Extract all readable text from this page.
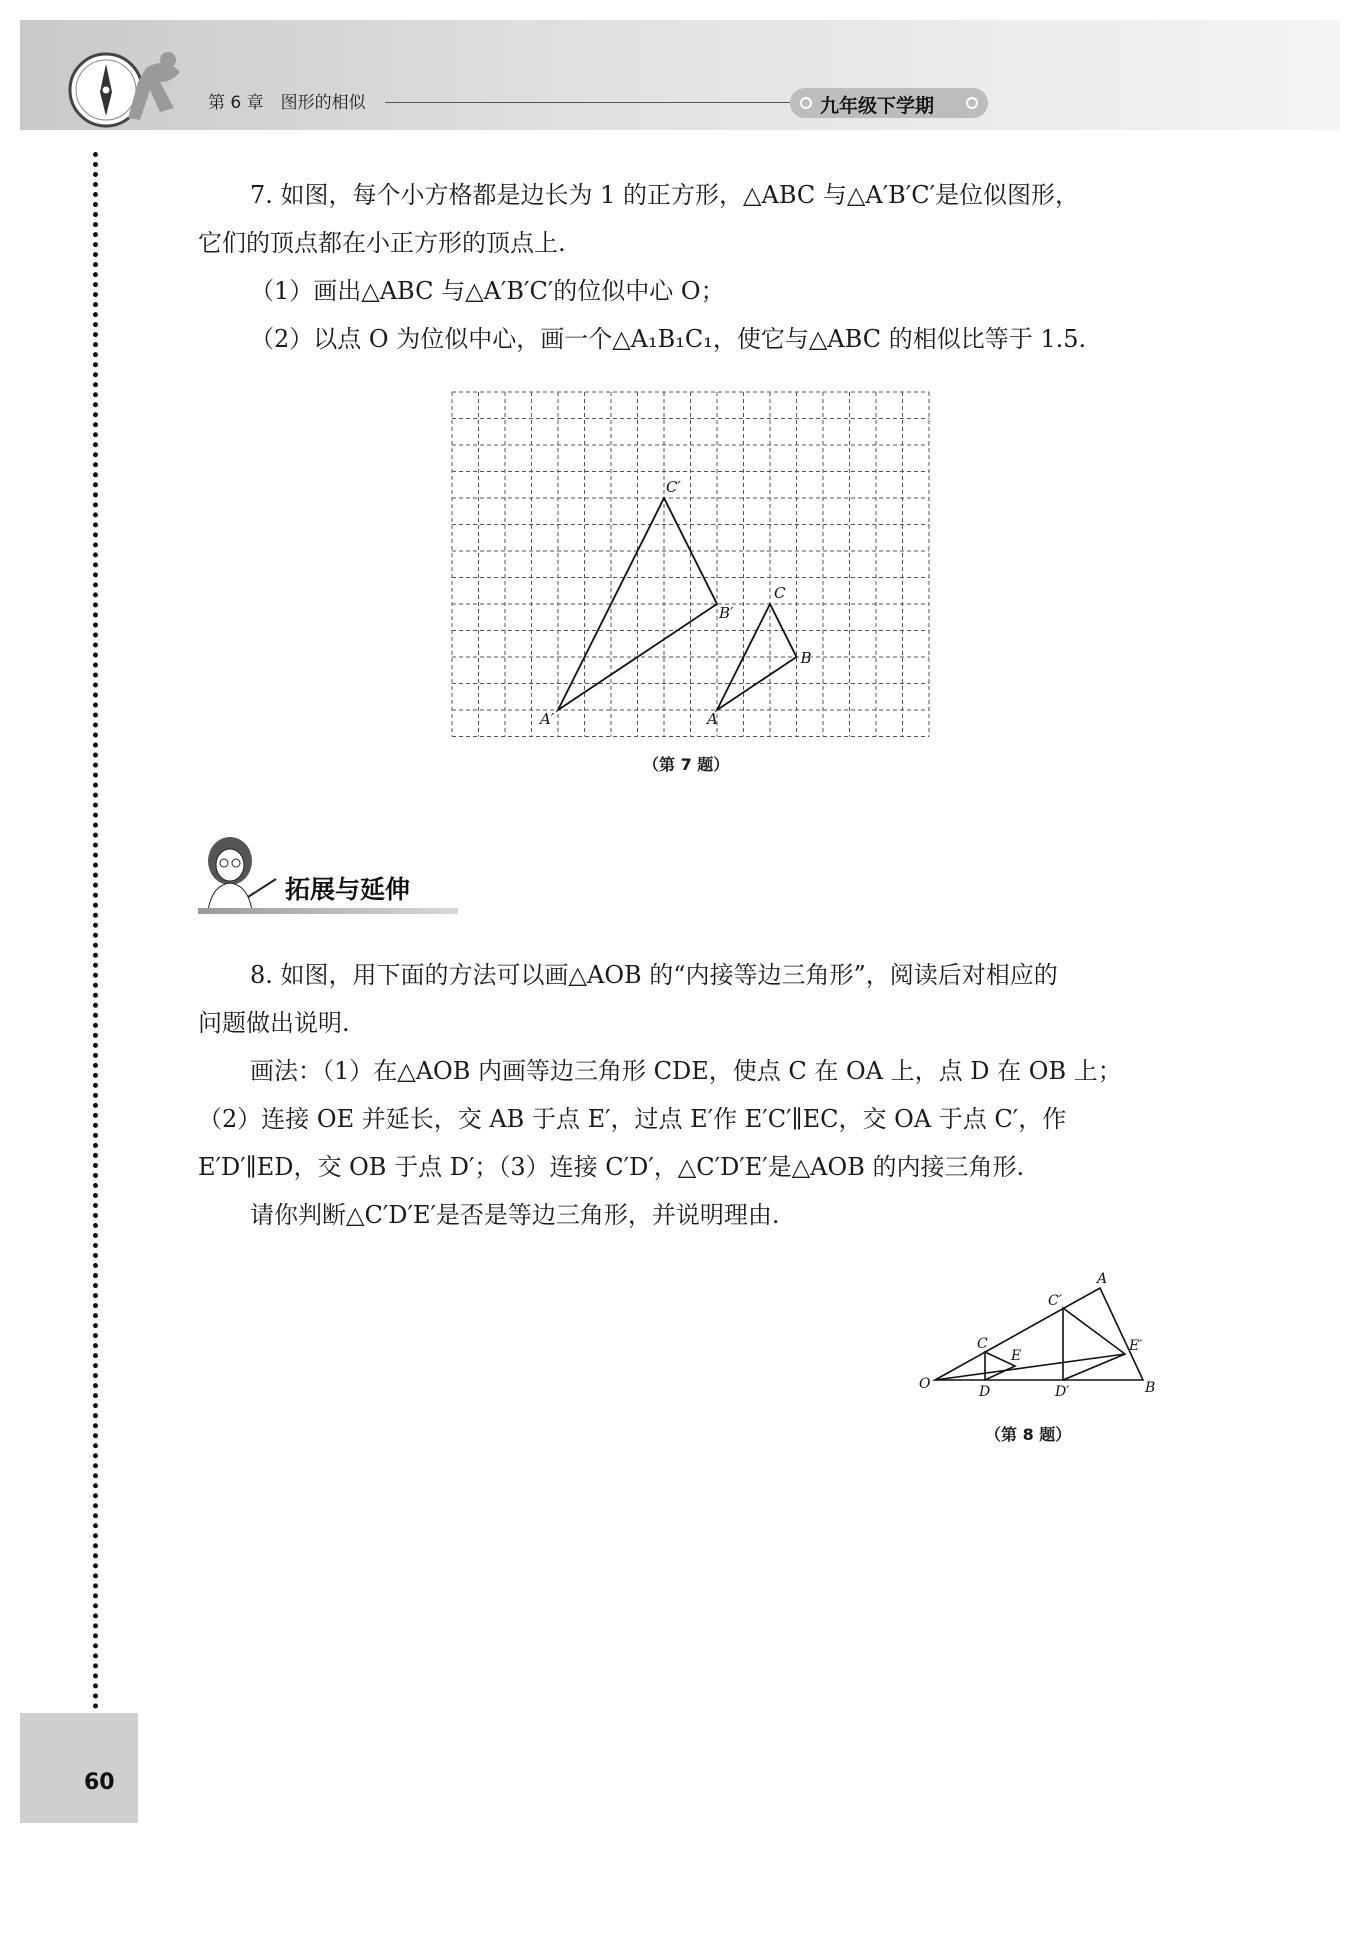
第 6 章　图形的相似	九年级下学期
7. 如图，每个小方格都是边长为 1 的正方形，△ABC 与△A′B′C′是位似图形，
它们的顶点都在小正方形的顶点上.
（1）画出△ABC 与△A′B′C′的位似中心 O；
（2）以点 O 为位似中心，画一个△A₁B₁C₁，使它与△ABC 的相似比等于 1.5.
A′
B′
C′
A
B
C
（第 7 题）
拓展与延伸
8. 如图，用下面的方法可以画△AOB 的“内接等边三角形”，阅读后对相应的
问题做出说明.
画法：（1）在△AOB 内画等边三角形 CDE，使点 C 在 OA 上，点 D 在 OB 上；
（2）连接 OE 并延长，交 AB 于点 E′，过点 E′作 E′C′∥EC，交 OA 于点 C′，作
E′D′∥ED，交 OB 于点 D′；（3）连接 C′D′，△C′D′E′是△AOB 的内接三角形.
请你判断△C′D′E′是否是等边三角形，并说明理由.
O
A
B
C
D
E
C′
D′
E′
（第 8 题）
60
